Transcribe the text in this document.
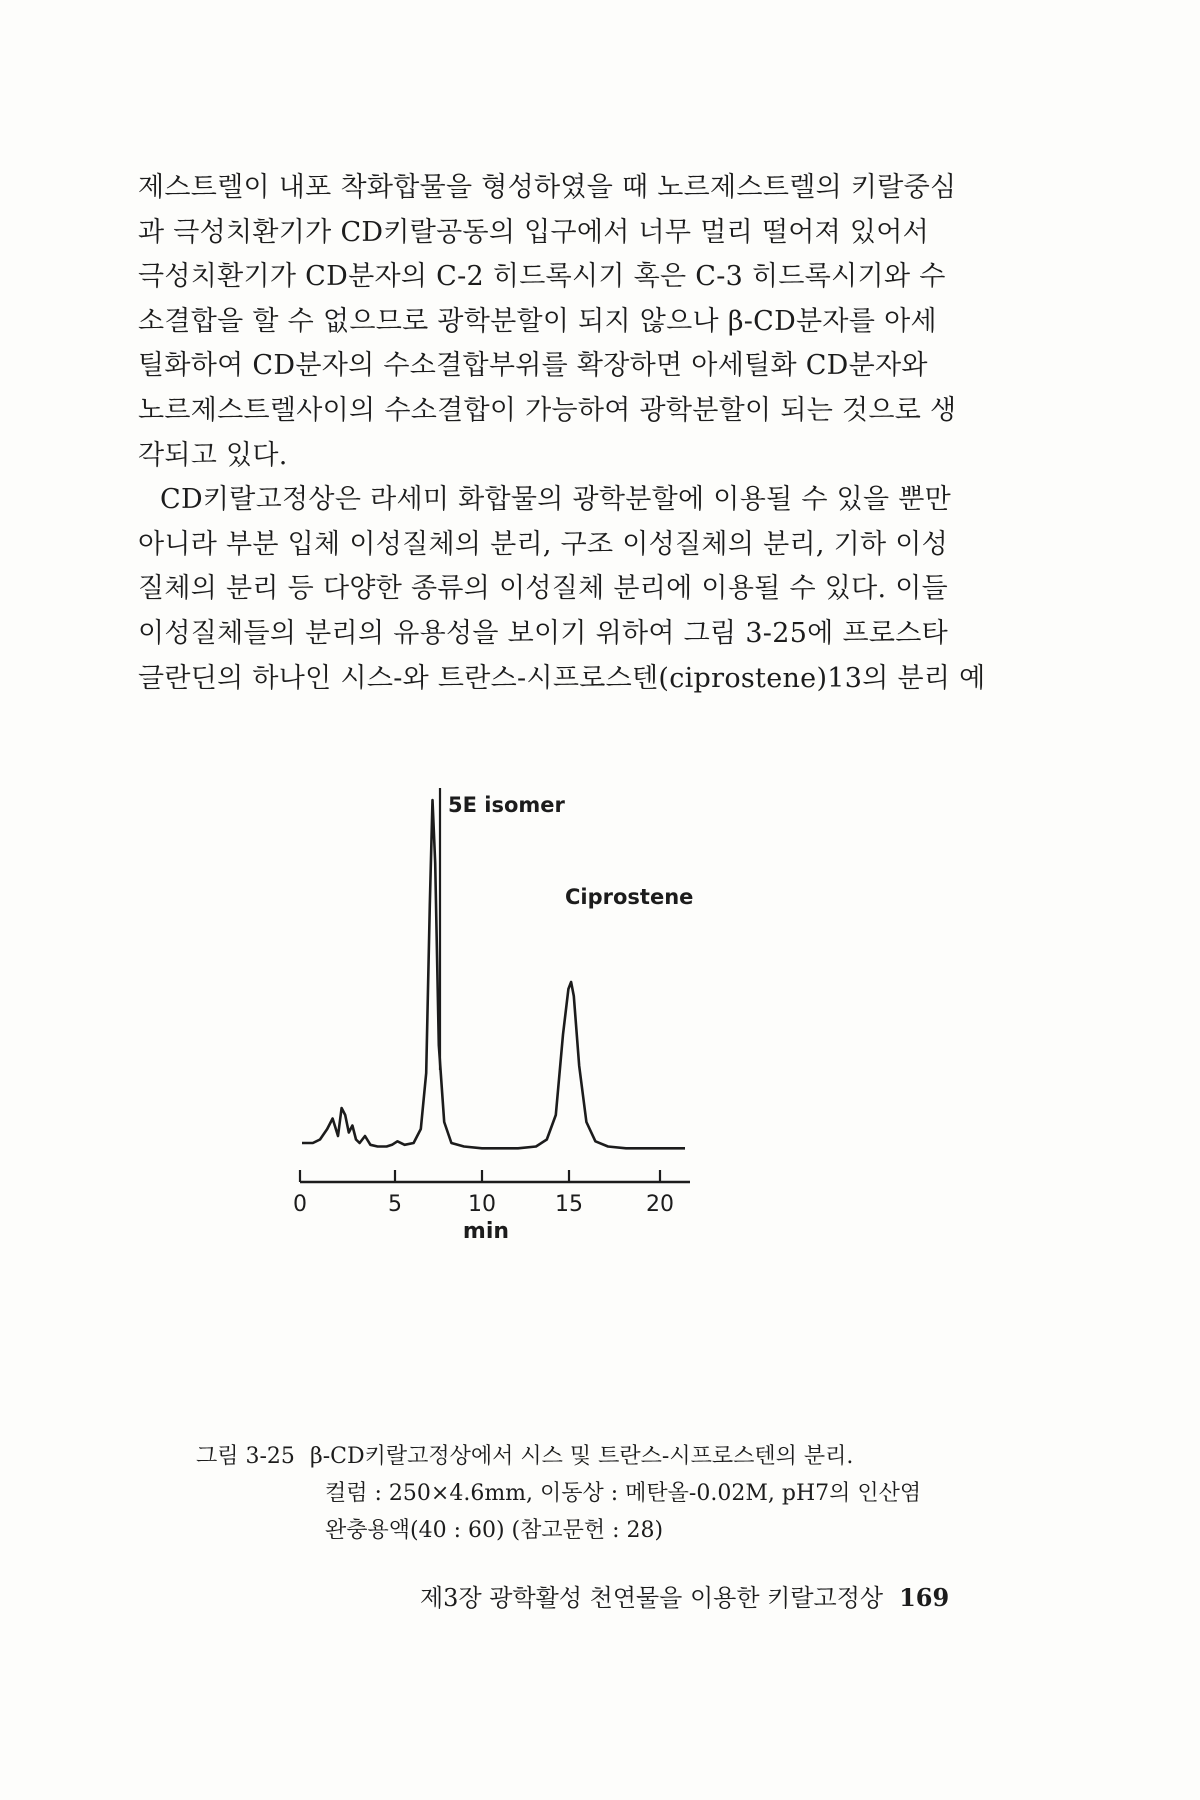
제스트렐이 내포 착화합물을 형성하였을 때 노르제스트렐의 키랄중심

과 극성치환기가 CD키랄공동의 입구에서 너무 멀리 떨어져 있어서

극성치환기가 CD분자의 C-2 히드록시기 혹은 C-3 히드록시기와 수

소결합을 할 수 없으므로 광학분할이 되지 않으나 β-CD분자를 아세

틸화하여 CD분자의 수소결합부위를 확장하면 아세틸화 CD분자와

노르제스트렐사이의 수소결합이 가능하여 광학분할이 되는 것으로 생

각되고 있다.

CD키랄고정상은 라세미 화합물의 광학분할에 이용될 수 있을 뿐만

아니라 부분 입체 이성질체의 분리, 구조 이성질체의 분리, 기하 이성

질체의 분리 등 다양한 종류의 이성질체 분리에 이용될 수 있다. 이들

이성질체들의 분리의 유용성을 보이기 위하여 그림 3-25에 프로스타

글란딘의 하나인 시스-와 트란스-시프로스텐(ciprostene)13의 분리 예

5E isomer
Ciprostene
0	5	10	15	20
min
그림 3-25 β-CD키랄고정상에서 시스 및 트란스-시프로스텐의 분리.
컬럼 : 250×4.6mm, 이동상 : 메탄올-0.02M, pH7의 인산염
완충용액(40 : 60) (참고문헌 : 28)
제3장 광학활성 천연물을 이용한 키랄고정상 169
